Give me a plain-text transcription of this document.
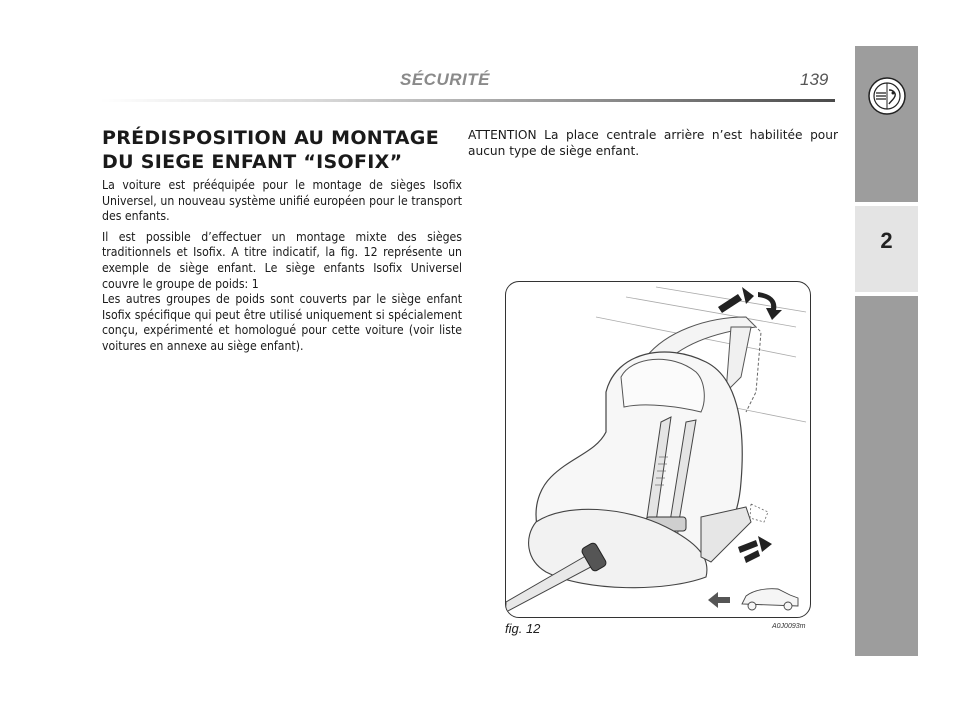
SÉCURITÉ	139
2
PRÉDISPOSITION AU MONTAGE
DU SIEGE ENFANT “ISOFIX”

La voiture est prééquipée pour le montage de sièges Isofix Universel, un nouveau système unifié européen pour le transport des enfants.

Il est possible d’effectuer un montage mixte des sièges traditionnels et Isofix. A titre indicatif, la fig. 12 représente un exemple de siège enfant. Le siège enfants Isofix Universel couvre le groupe de poids: 1

Les autres groupes de poids sont couverts par le siège enfant Isofix spécifique qui peut être utilisé uniquement si spécialement conçu, expérimenté et homologué pour cette voiture (voir liste voitures en annexe au siège enfant).

ATTENTION La place centrale arrière n’est habilitée pour aucun type de siège enfant.
fig. 12	A0J0093m
